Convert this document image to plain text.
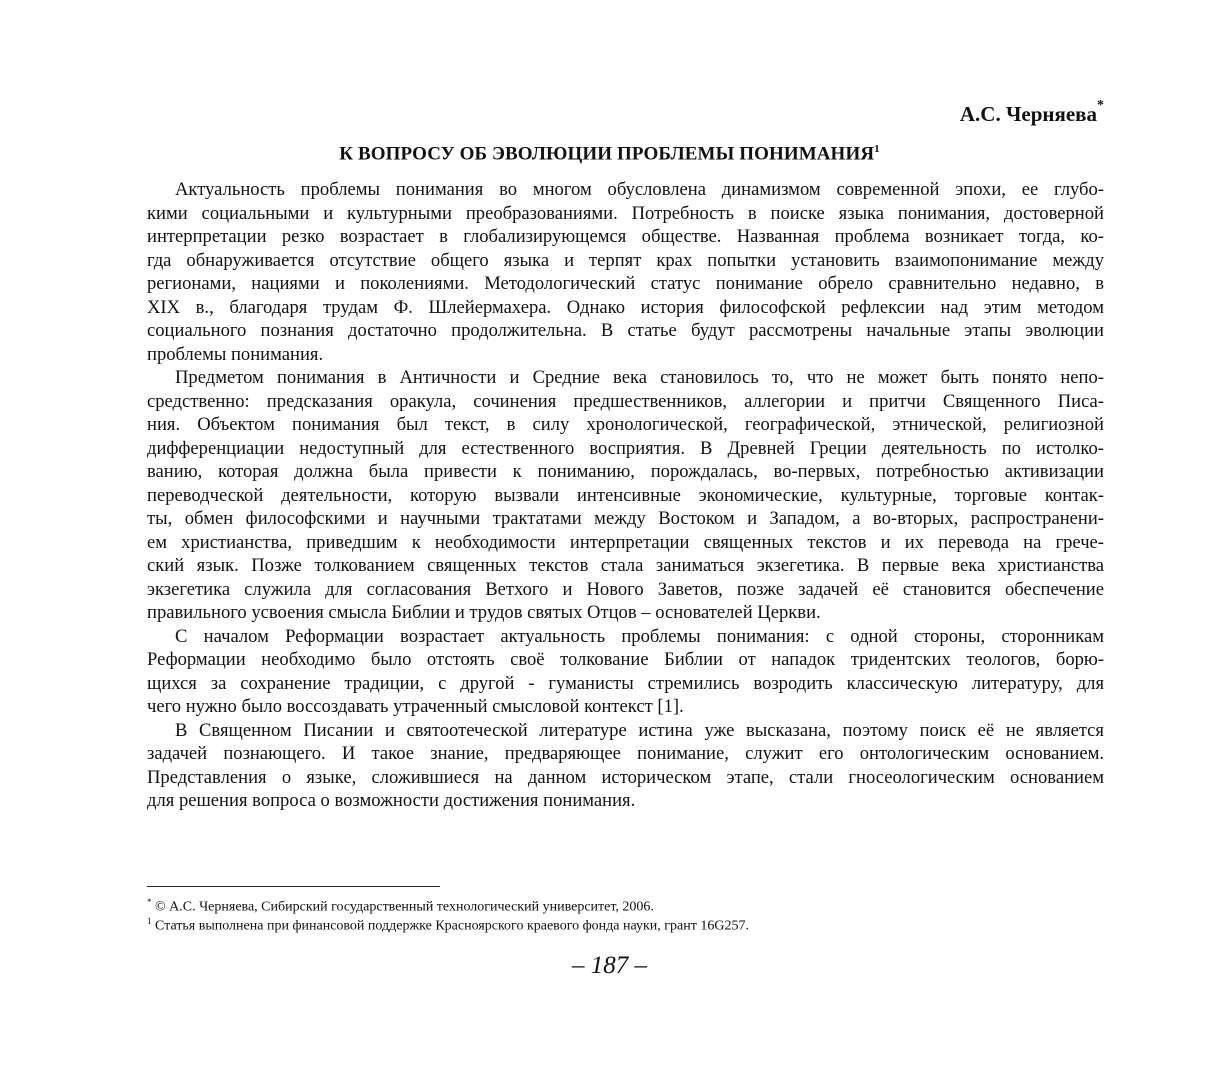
А.С. Черняева*
К ВОПРОСУ ОБ ЭВОЛЮЦИИ ПРОБЛЕМЫ ПОНИМАНИЯ$^1$
Актуальность проблемы понимания во многом обусловлена динамизмом современной эпохи, ее глубо-
кими социальными и культурными преобразованиями. Потребность в поиске языка понимания, достоверной
интерпретации резко возрастает в глобализирующемся обществе. Названная проблема возникает тогда, ко-
гда обнаруживается отсутствие общего языка и терпят крах попытки установить взаимопонимание между
регионами, нациями и поколениями. Методологический статус понимание обрело сравнительно недавно, в
XIX в., благодаря трудам Ф. Шлейермахера. Однако история философской рефлексии над этим методом
социального познания достаточно продолжительна. В статье будут рассмотрены начальные этапы эволюции
проблемы понимания.
Предметом понимания в Античности и Средние века становилось то, что не может быть понято непо-
средственно: предсказания оракула, сочинения предшественников, аллегории и притчи Священного Писа-
ния. Объектом понимания был текст, в силу хронологической, географической, этнической, религиозной
дифференциации недоступный для естественного восприятия. В Древней Греции деятельность по истолко-
ванию, которая должна была привести к пониманию, порождалась, во-первых, потребностью активизации
переводческой деятельности, которую вызвали интенсивные экономические, культурные, торговые контак-
ты, обмен философскими и научными трактатами между Востоком и Западом, а во-вторых, распространени-
ем христианства, приведшим к необходимости интерпретации священных текстов и их перевода на грече-
ский язык. Позже толкованием священных текстов стала заниматься экзегетика. В первые века христианства
экзегетика служила для согласования Ветхого и Нового Заветов, позже задачей её становится обеспечение
правильного усвоения смысла Библии и трудов святых Отцов – основателей Церкви.
С началом Реформации возрастает актуальность проблемы понимания: с одной стороны, сторонникам
Реформации необходимо было отстоять своё толкование Библии от нападок тридентских теологов, борю-
щихся за сохранение традиции, с другой - гуманисты стремились возродить классическую литературу, для
чего нужно было воссоздавать утраченный смысловой контекст [1].
В Священном Писании и святоотеческой литературе истина уже высказана, поэтому поиск её не является
задачей познающего. И такое знание, предваряющее понимание, служит его онтологическим основанием.
Представления о языке, сложившиеся на данном историческом этапе, стали гносеологическим основанием
для решения вопроса о возможности достижения понимания.
* © А.С. Черняева, Сибирский государственный технологический университет, 2006.
$^1$ Статья выполнена при финансовой поддержке Красноярского краевого фонда науки, грант 16G257.
– 187 –
